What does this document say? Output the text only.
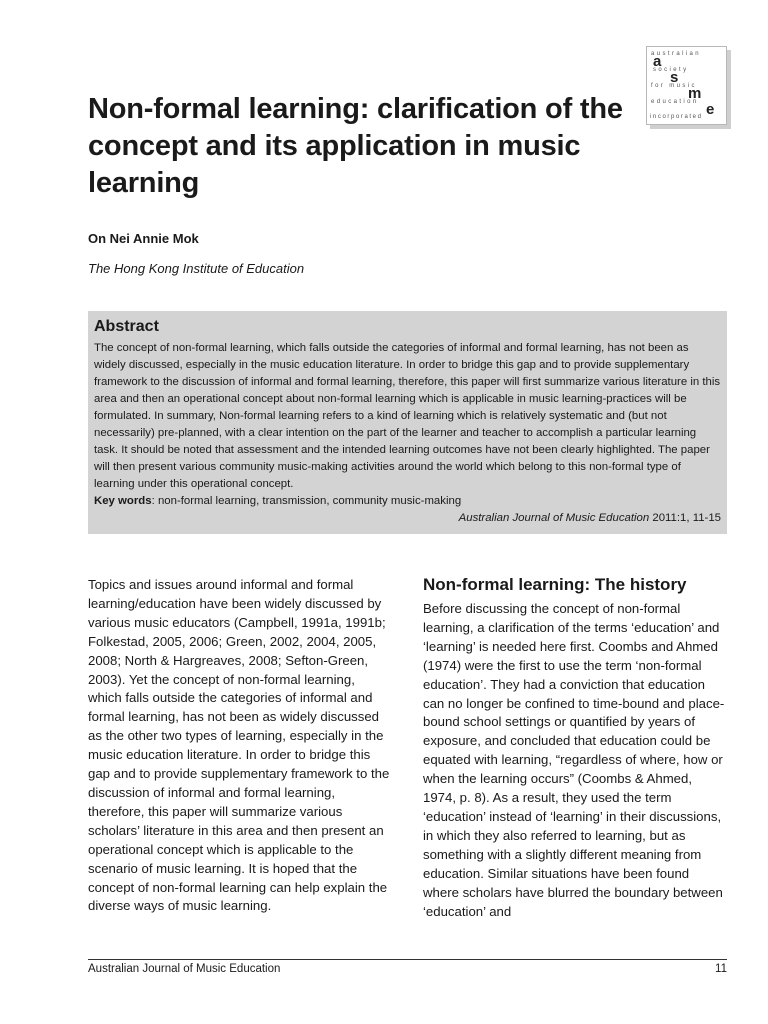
Non-formal learning: clarification of the concept and its application in music learning
australian
society
for music
education
incorporated
a
s
m
e

On Nei Annie Mok

The Hong Kong Institute of Education

Abstract

The concept of non-formal learning, which falls outside the categories of informal and formal learning, has not been as widely discussed, especially in the music education literature. In order to bridge this gap and to provide supplementary framework to the discussion of informal and formal learning, therefore, this paper will first summarize various literature in this area and then an operational concept about non-formal learning which is applicable in music learning-practices will be formulated. In summary, Non-formal learning refers to a kind of learning which is relatively systematic and (but not necessarily) pre-planned, with a clear intention on the part of the learner and teacher to accomplish a particular learning task. It should be noted that assessment and the intended learning outcomes have not been clearly highlighted. The paper will then present various community music-making activities around the world which belong to this non-formal type of learning under this operational concept.

Key words: non-formal learning, transmission, community music-making

Australian Journal of Music Education 2011:1, 11-15

Topics and issues around informal and formal learning/education have been widely discussed by various music educators (Campbell, 1991a, 1991b; Folkestad, 2005, 2006; Green, 2002, 2004, 2005, 2008; North & Hargreaves, 2008; Sefton-Green, 2003). Yet the concept of non-formal learning, which falls outside the categories of informal and formal learning, has not been as widely discussed as the other two types of learning, especially in the music education literature. In order to bridge this gap and to provide supplementary framework to the discussion of informal and formal learning, therefore, this paper will summarize various scholars’ literature in this area and then present an operational concept which is applicable to the scenario of music learning. It is hoped that the concept of non-formal learning can help explain the diverse ways of music learning.

Non-formal learning: The history

Before discussing the concept of non-formal learning, a clarification of the terms ‘education’ and ‘learning’ is needed here first. Coombs and Ahmed (1974) were the first to use the term ‘non-formal education’. They had a conviction that education can no longer be confined to time-bound and place-bound school settings or quantified by years of exposure, and concluded that education could be equated with learning, “regardless of where, how or when the learning occurs” (Coombs & Ahmed, 1974, p. 8). As a result, they used the term ‘education’ instead of ‘learning’ in their discussions, in which they also referred to learning, but as something with a slightly different meaning from education. Similar situations have been found where scholars have blurred the boundary between ‘education’ and

Australian Journal of Music Education	11
